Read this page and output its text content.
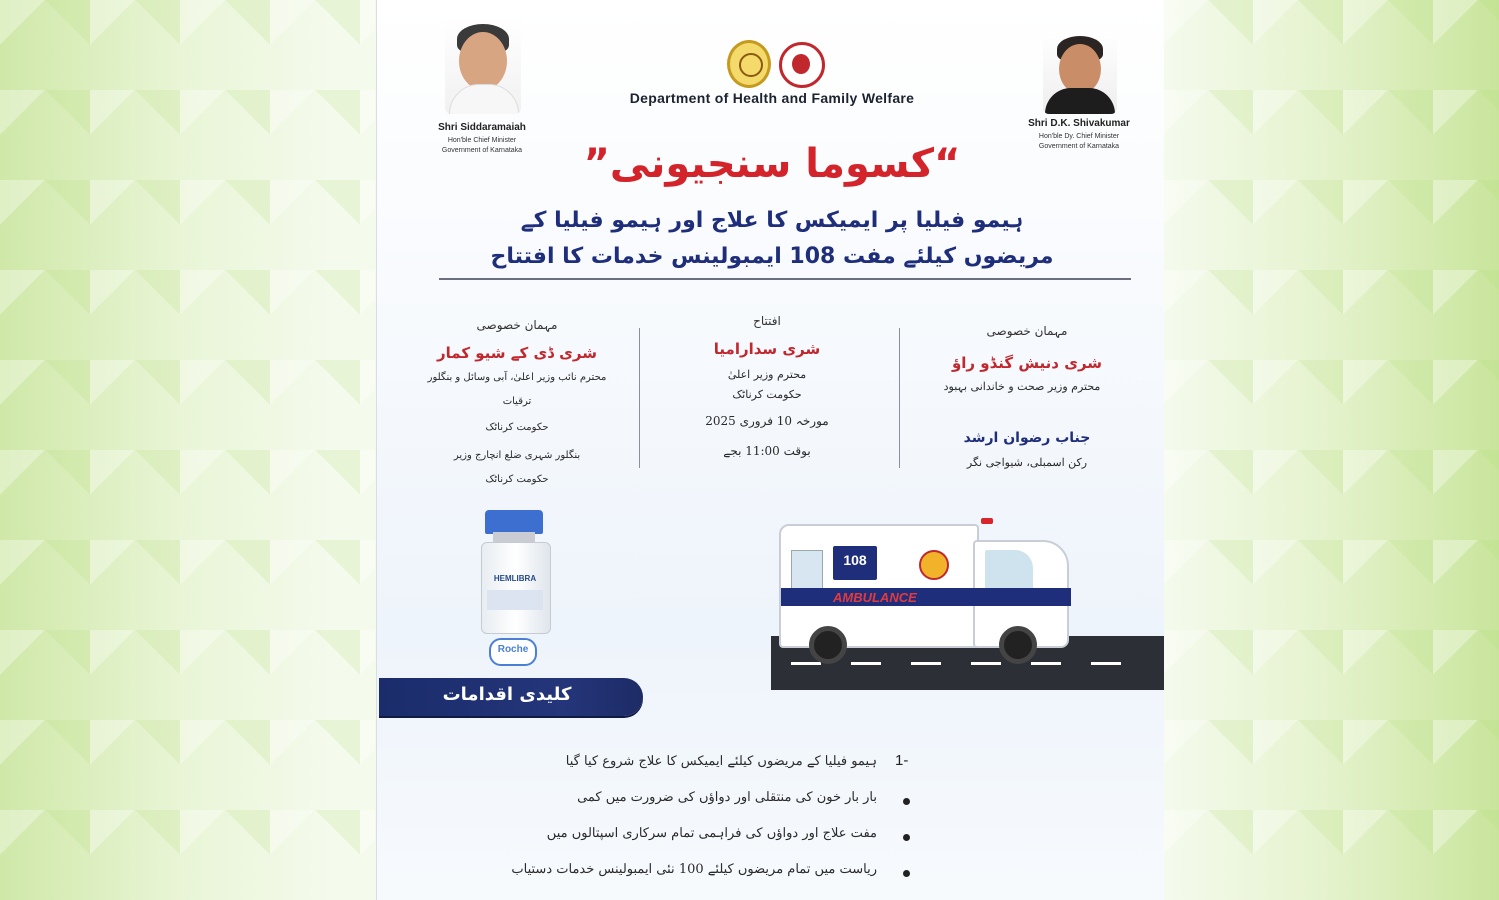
Shri Siddaramaiah
Hon'ble Chief Minister
Government of Karnataka
Department of Health and Family Welfare
Shri D.K. Shivakumar
Hon'ble Dy. Chief Minister
Government of Karnataka
“کسوما سنجیونی”
ہیمو فیلیا پر ایمیکس کا علاج اور ہیمو فیلیا کے
مریضوں کیلئے مفت 108 ایمبولینس خدمات کا افتتاح
مہمان خصوصی
شری دنیش گنڈو راؤ
محترم وزیر صحت و خاندانی بہبود
جناب رضوان ارشد
رکن اسمبلی، شیواجی نگر
افتتاح
شری سدارامیا
محترم وزیر اعلیٰ
حکومت کرناٹک
مورخہ 10 فروری 2025
بوقت 11:00 بجے
مہمان خصوصی
شری ڈی کے شیو کمار
محترم نائب وزیر اعلیٰ، آبی وسائل و بنگلور
ترقیات
حکومت کرناٹک
بنگلور شہری ضلع انچارج وزیر
حکومت کرناٹک
HEMLIBRA
Roche
108
AMBULANCE
کلیدی اقدامات
1-
ہیمو فیلیا کے مریضوں کیلئے ایمیکس کا علاج شروع کیا گیا
بار بار خون کی منتقلی اور دواؤں کی ضرورت میں کمی
مفت علاج اور دواؤں کی فراہمی تمام سرکاری اسپتالوں میں
ریاست میں تمام مریضوں کیلئے 100 نئی ایمبولینس خدمات دستیاب
